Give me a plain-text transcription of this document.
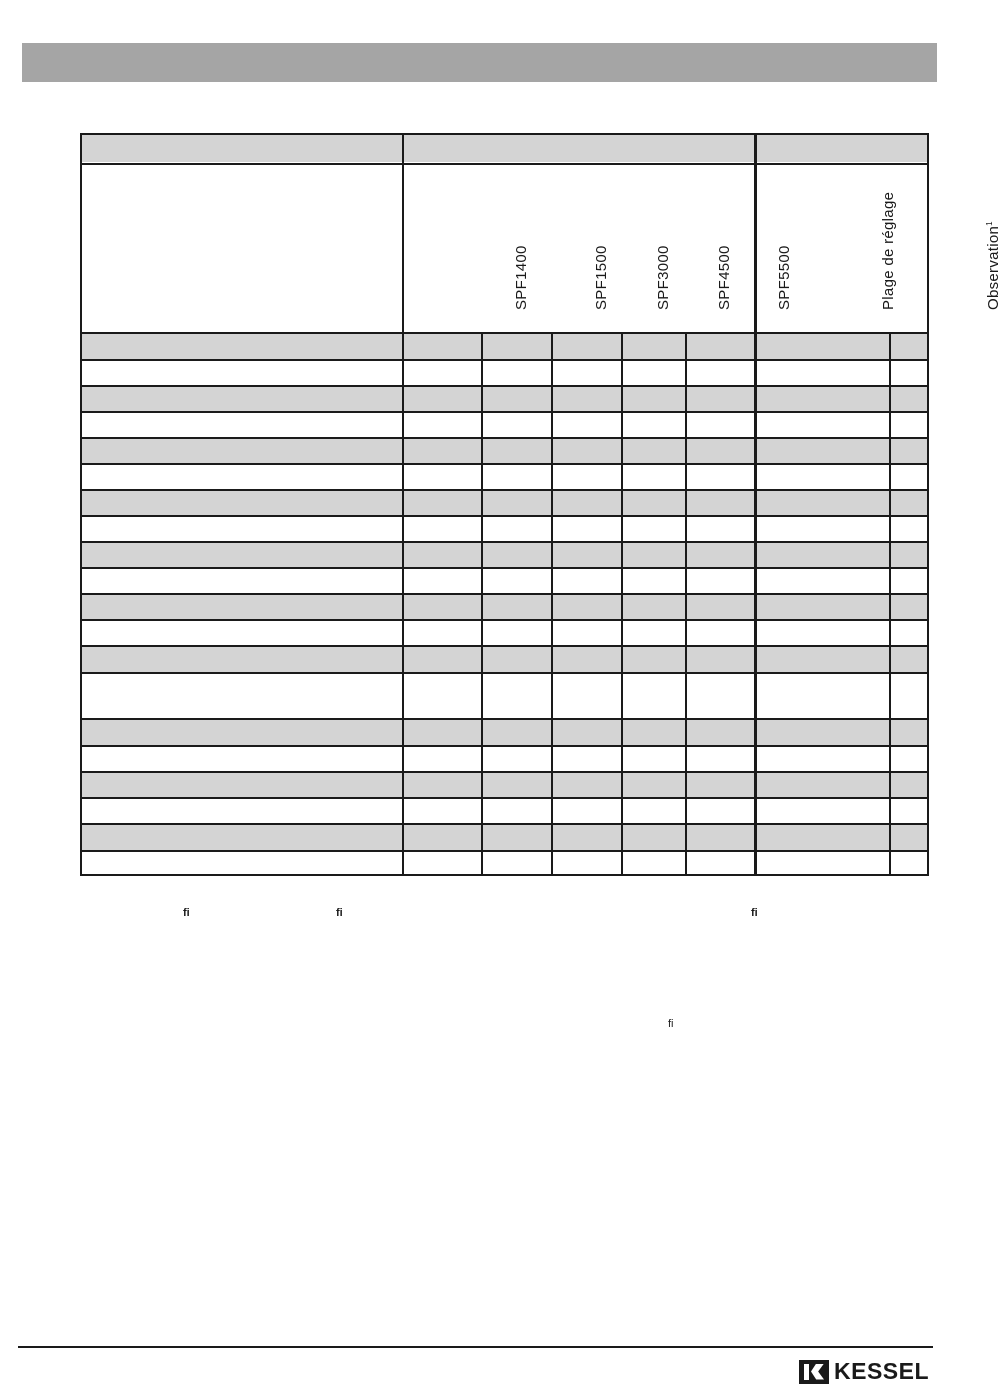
SPF1400	SPF1500	SPF3000	SPF4500	SPF5500	Plage de réglage	Observation$^1$
fi	fi	fi
fi
KESSEL
